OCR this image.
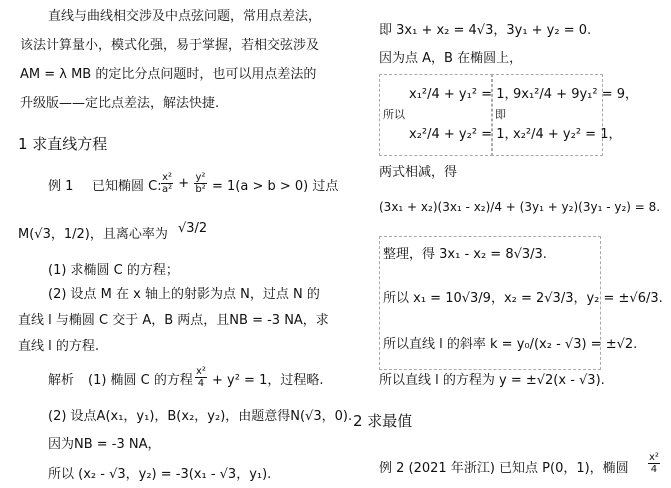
直线与曲线相交涉及中点弦问题，常用点差法，
该法计算量小，模式化强，易于掌握，若相交弦涉及
AM = λ MB 的定比分点问题时，也可以用点差法的
升级版——定比点差法，解法快捷.
1 求直线方程
例 1 已知椭圆 C: $\frac{\text{x²}}{\text{a²}} + \frac{\text{y²}}{\text{b²}} = 1(a > b > 0)$ 过点
M(√3，1/2)，且离心率为 √3/2
(1) 求椭圆 C 的方程；
(2) 设点 M 在 x 轴上的射影为点 N，过点 N 的
直线 l 与椭圆 C 交于 A，B 两点，且NB = -3 NA，求
直线 l 的方程.
解析 (1) 椭圆 C 的方程 $\frac{\text{x²}}{4} + y^2 = 1$，过程略.
(2) 设点A(x₁，y₁)，B(x₂，y₂)，由题意得N(√3，0).
因为NB = -3 NA，
所以 (x₂ - √3，y₂) = -3(x₁ - √3，y₁).
即 3x₁ + x₂ = 4√3，3y₁ + y₂ = 0.
因为点 A，B 在椭圆上，
所以
x₁²/4 + y₁² = 1，
x₂²/4 + y₂² = 1，
即
9x₁²/4 + 9y₁² = 9，
x₂²/4 + y₂² = 1，
两式相减，得
(3x₁ + x₂)(3x₁ - x₂)/4 + (3y₁ + y₂)(3y₁ - y₂) = 8.
整理，得 3x₁ - x₂ = 8√3/3.
所以 x₁ = 10√3/9，x₂ = 2√3/3，y₂ = ±√6/3.
所以直线 l 的斜率 k = y₀/(x₂ - √3) = ±√2.
所以直线 l 的方程为 y = ±√2(x - √3).
2 求最值
例 2 (2021 年浙江) 已知点 P(0，1)，椭圆 $\frac{\text{x²}}{4}$
